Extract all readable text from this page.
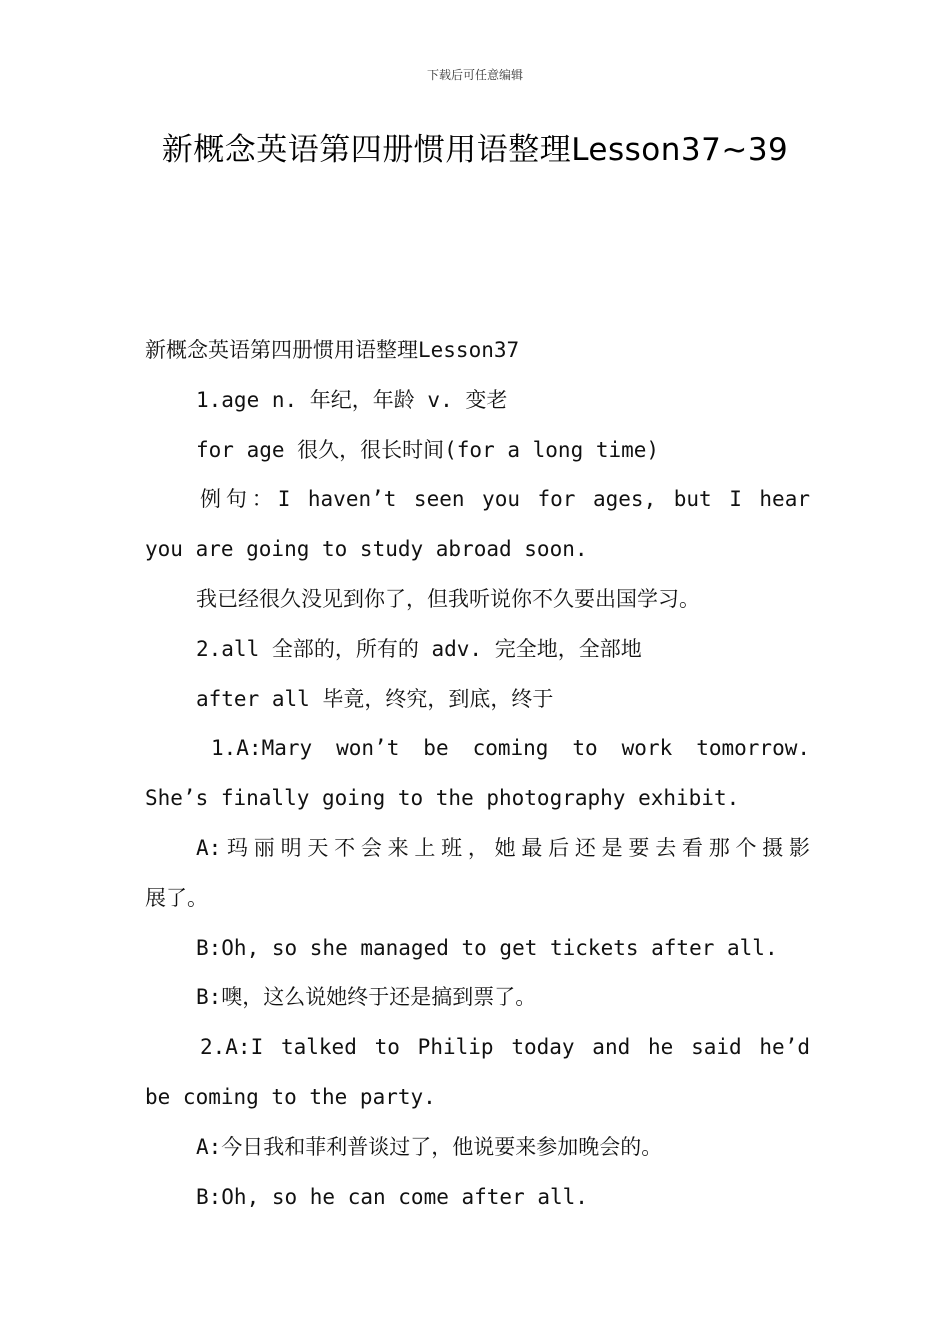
下载后可任意编辑
新概念英语第四册惯用语整理Lesson37~39
新概念英语第四册惯用语整理Lesson37
1.age n. 年纪，年龄 v. 变老
for age 很久，很长时间(for a long time)
例句：I haven’t seen you for ages, but I hear
you are going to study abroad soon.
我已经很久没见到你了，但我听说你不久要出国学习。
2.all 全部的，所有的 adv. 完全地，全部地
after all 毕竟，终究，到底，终于
1.A:Mary won’t be coming to work tomorrow.
She’s finally going to the photography exhibit.
A:玛丽明天不会来上班，她最后还是要去看那个摄影
展了。
B:Oh, so she managed to get tickets after all.
B:噢，这么说她终于还是搞到票了。
2.A:I talked to Philip today and he said he’d
be coming to the party.
A:今日我和菲利普谈过了，他说要来参加晚会的。
B:Oh, so he can come after all.
